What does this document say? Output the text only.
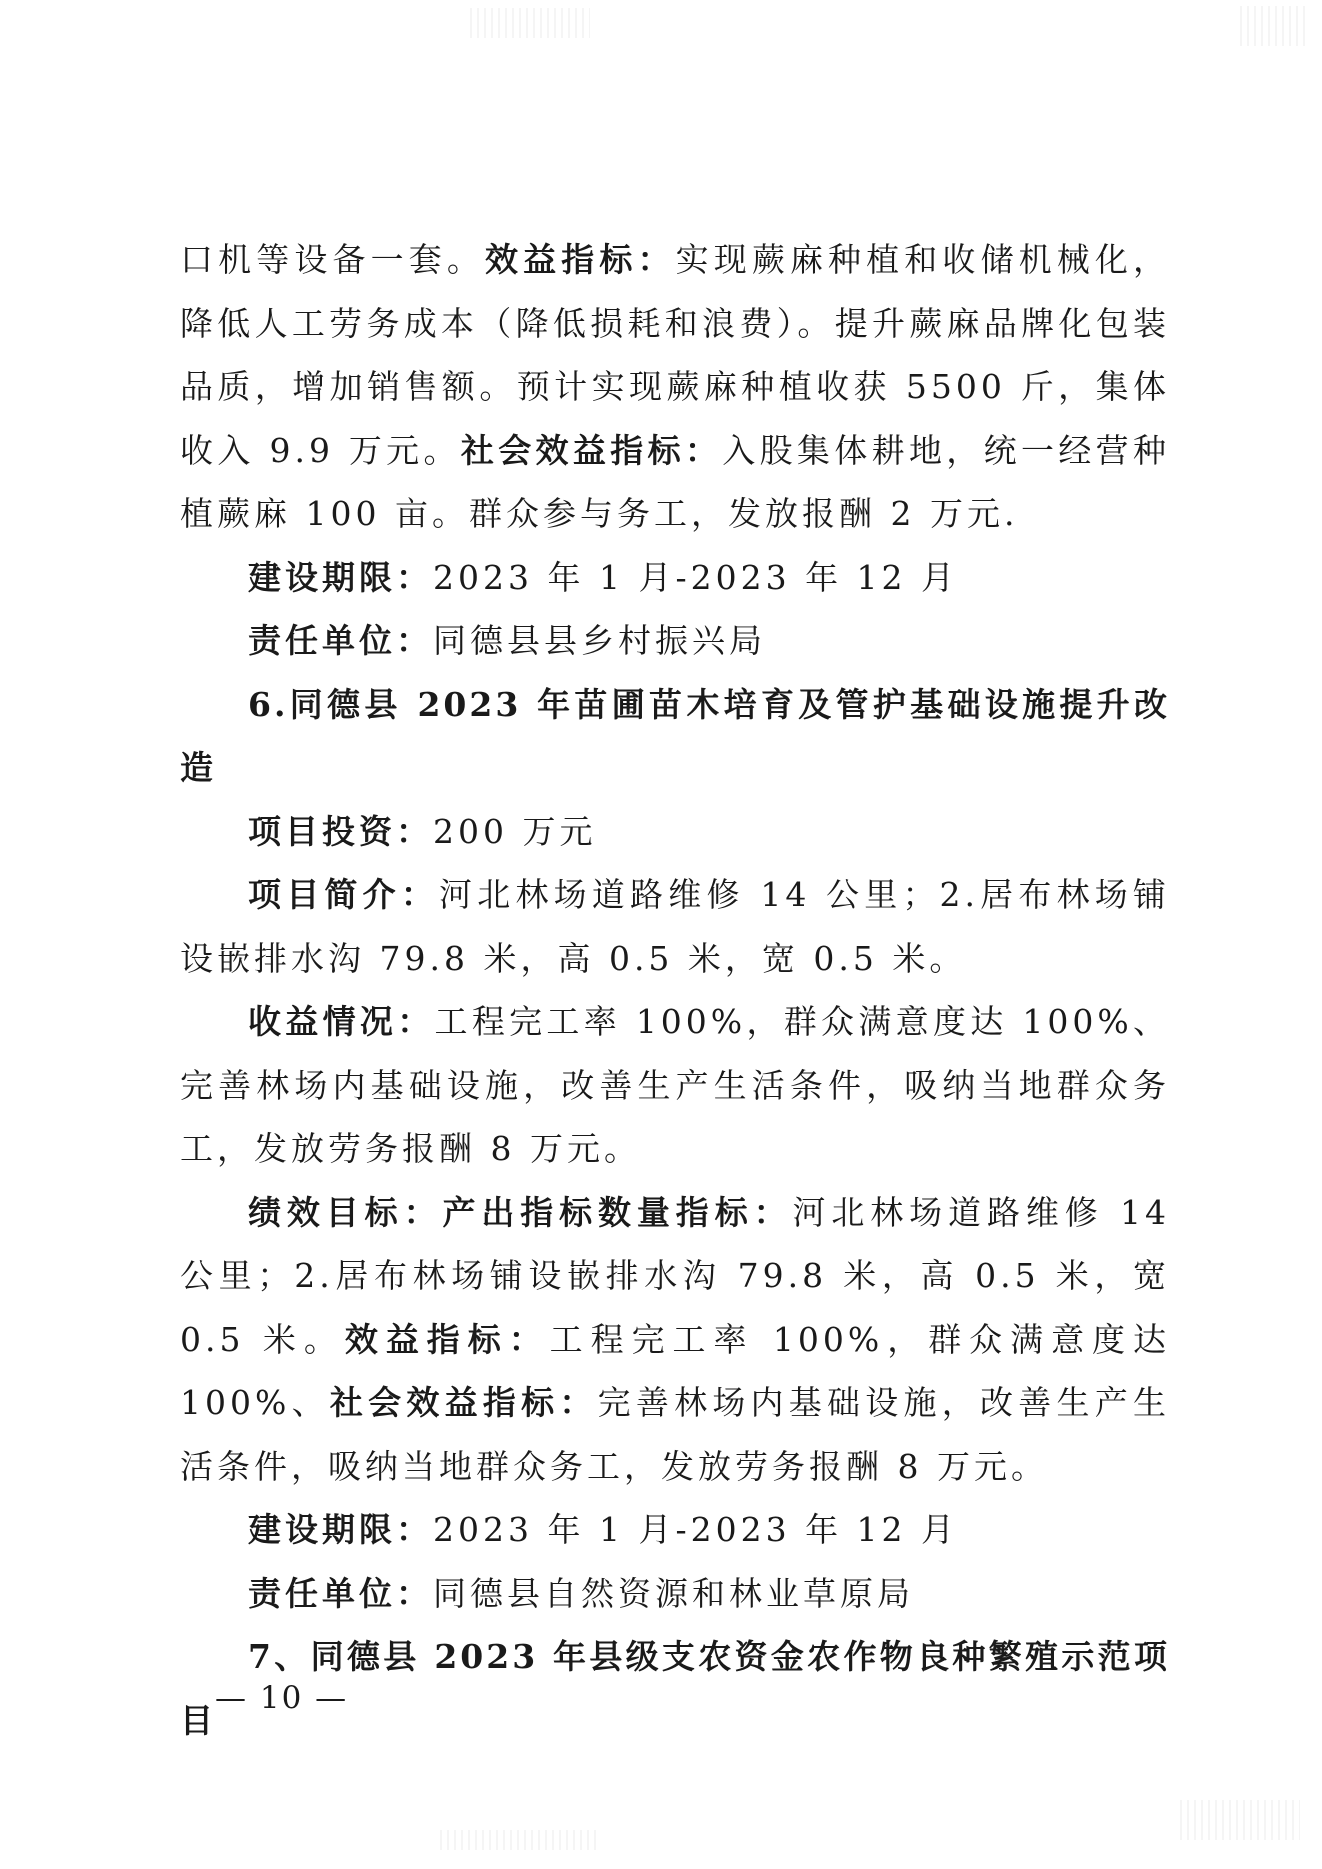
口机等设备一套。效益指标：实现蕨麻种植和收储机械化，降低人工劳务成本（降低损耗和浪费）。提升蕨麻品牌化包装品质，增加销售额。预计实现蕨麻种植收获 5500 斤，集体收入 9.9 万元。社会效益指标：入股集体耕地，统一经营种植蕨麻 100 亩。群众参与务工，发放报酬 2 万元.

建设期限：2023 年 1 月-2023 年 12 月

责任单位：同德县县乡村振兴局

6.同德县 2023 年苗圃苗木培育及管护基础设施提升改造

项目投资：200 万元

项目简介：河北林场道路维修 14 公里；2.居布林场铺设嵌排水沟 79.8 米，高 0.5 米，宽 0.5 米。

收益情况：工程完工率 100%，群众满意度达 100%、完善林场内基础设施，改善生产生活条件，吸纳当地群众务工，发放劳务报酬 8 万元。

绩效目标：产出指标数量指标：河北林场道路维修 14 公里；2.居布林场铺设嵌排水沟 79.8 米，高 0.5 米，宽 0.5 米。效益指标：工程完工率 100%，群众满意度达 100%、社会效益指标：完善林场内基础设施，改善生产生活条件，吸纳当地群众务工，发放劳务报酬 8 万元。

建设期限：2023 年 1 月-2023 年 12 月

责任单位：同德县自然资源和林业草原局

7、同德县 2023 年县级支农资金农作物良种繁殖示范项目

— 10 —
